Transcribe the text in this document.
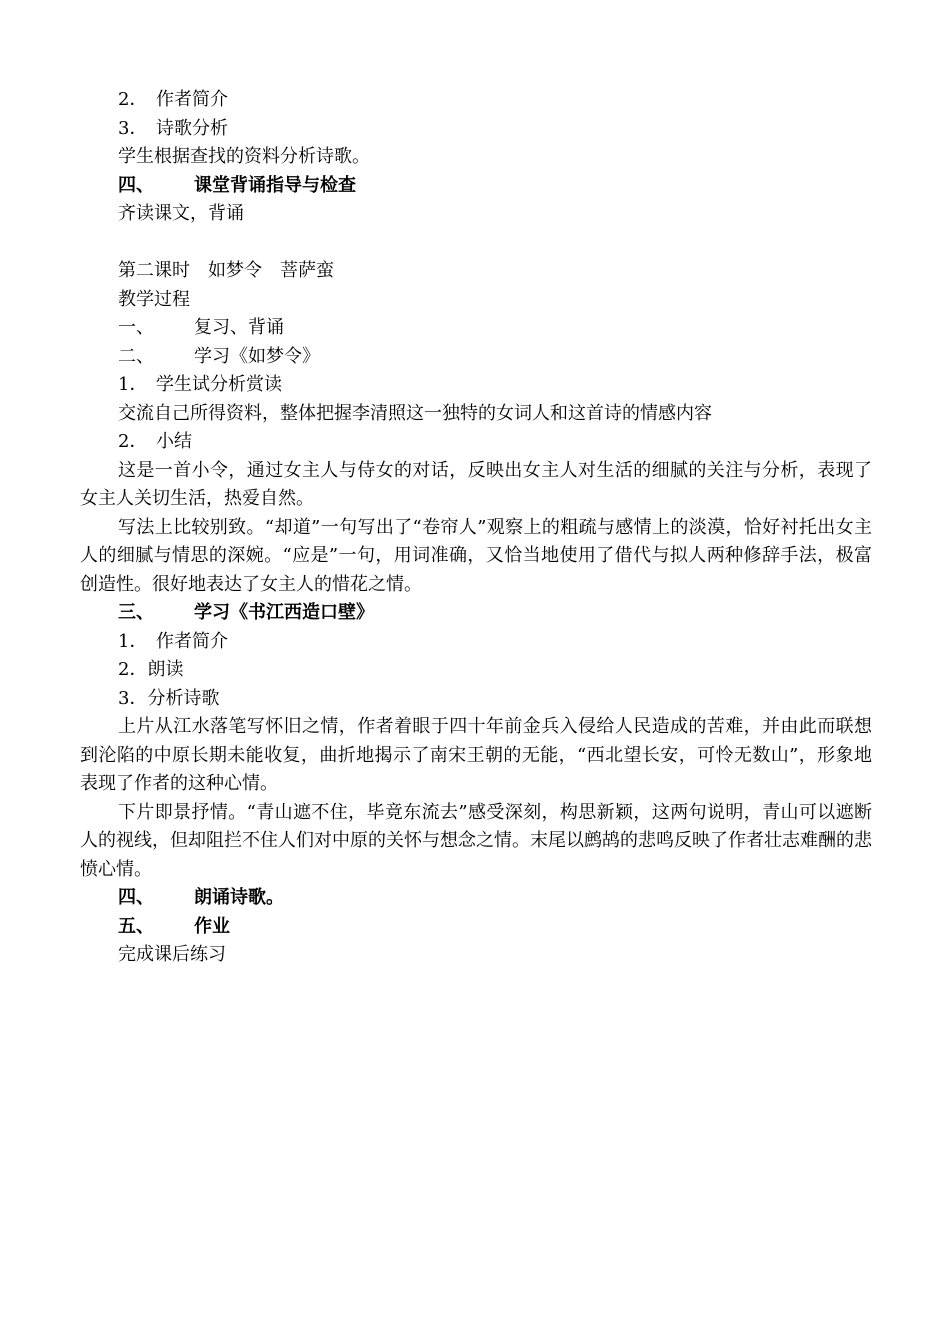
2． 作者简介
3． 诗歌分析
学生根据查找的资料分析诗歌。
四、 课堂背诵指导与检查
齐读课文，背诵
第二课时　如梦令　菩萨蛮
教学过程
一、 复习、背诵
二、 学习《如梦令》
1． 学生试分析赏读
交流自己所得资料，整体把握李清照这一独特的女词人和这首诗的情感内容
2． 小结
这是一首小令，通过女主人与侍女的对话，反映出女主人对生活的细腻的关注与分析，表现了女主人关切生活，热爱自然。
写法上比较别致。“却道”一句写出了“卷帘人”观察上的粗疏与感情上的淡漠，恰好衬托出女主人的细腻与情思的深婉。“应是”一句，用词准确，又恰当地使用了借代与拟人两种修辞手法，极富创造性。很好地表达了女主人的惜花之情。
三、 学习《书江西造口壁》
1． 作者简介
2．朗读
3．分析诗歌
上片从江水落笔写怀旧之情，作者着眼于四十年前金兵入侵给人民造成的苦难，并由此而联想到沦陷的中原长期未能收复，曲折地揭示了南宋王朝的无能，“西北望长安，可怜无数山”，形象地表现了作者的这种心情。
下片即景抒情。“青山遮不住，毕竟东流去”感受深刻，构思新颖，这两句说明，青山可以遮断人的视线，但却阻拦不住人们对中原的关怀与想念之情。末尾以鹧鸪的悲鸣反映了作者壮志难酬的悲愤心情。
四、 朗诵诗歌。
五、 作业
完成课后练习
